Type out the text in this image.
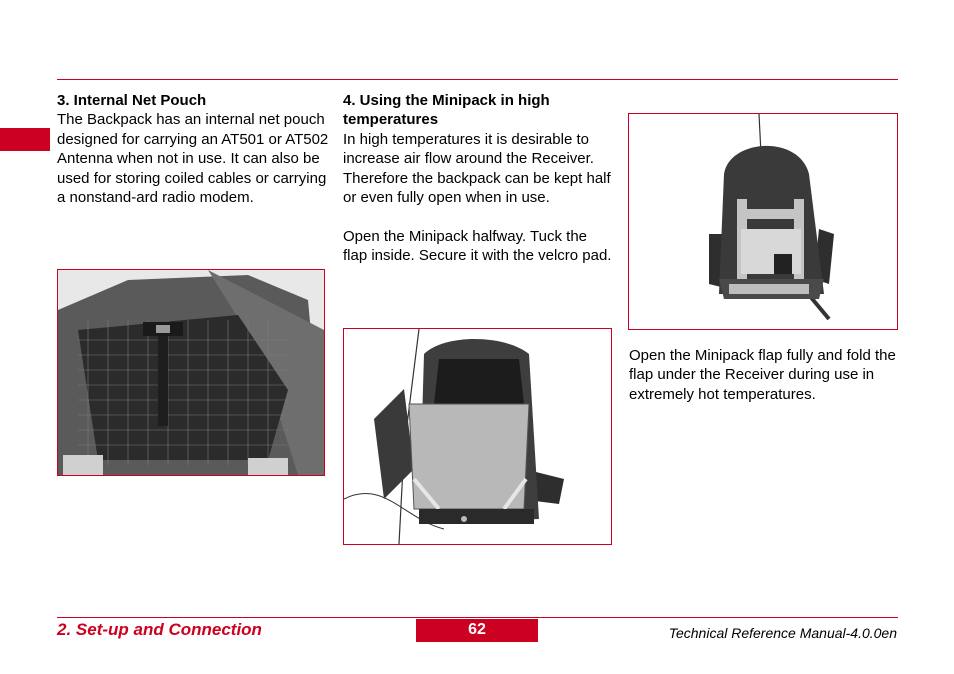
3. Internal Net Pouch

The Backpack has an internal net pouch designed for carrying an AT501 or AT502 Antenna when not in use. It can also be used for storing coiled cables or carrying a nonstand-ard radio modem.

4. Using the Minipack in high temperatures

In high temperatures it is desirable to increase air flow around the Receiver. Therefore the backpack can be kept half or even fully open when in use.

Open the Minipack halfway. Tuck the flap inside. Secure it with the velcro pad.

Open the Minipack flap fully and fold the flap under the Receiver during use in extremely hot temperatures.

2. Set-up and Connection	62	Technical Reference Manual-4.0.0en
